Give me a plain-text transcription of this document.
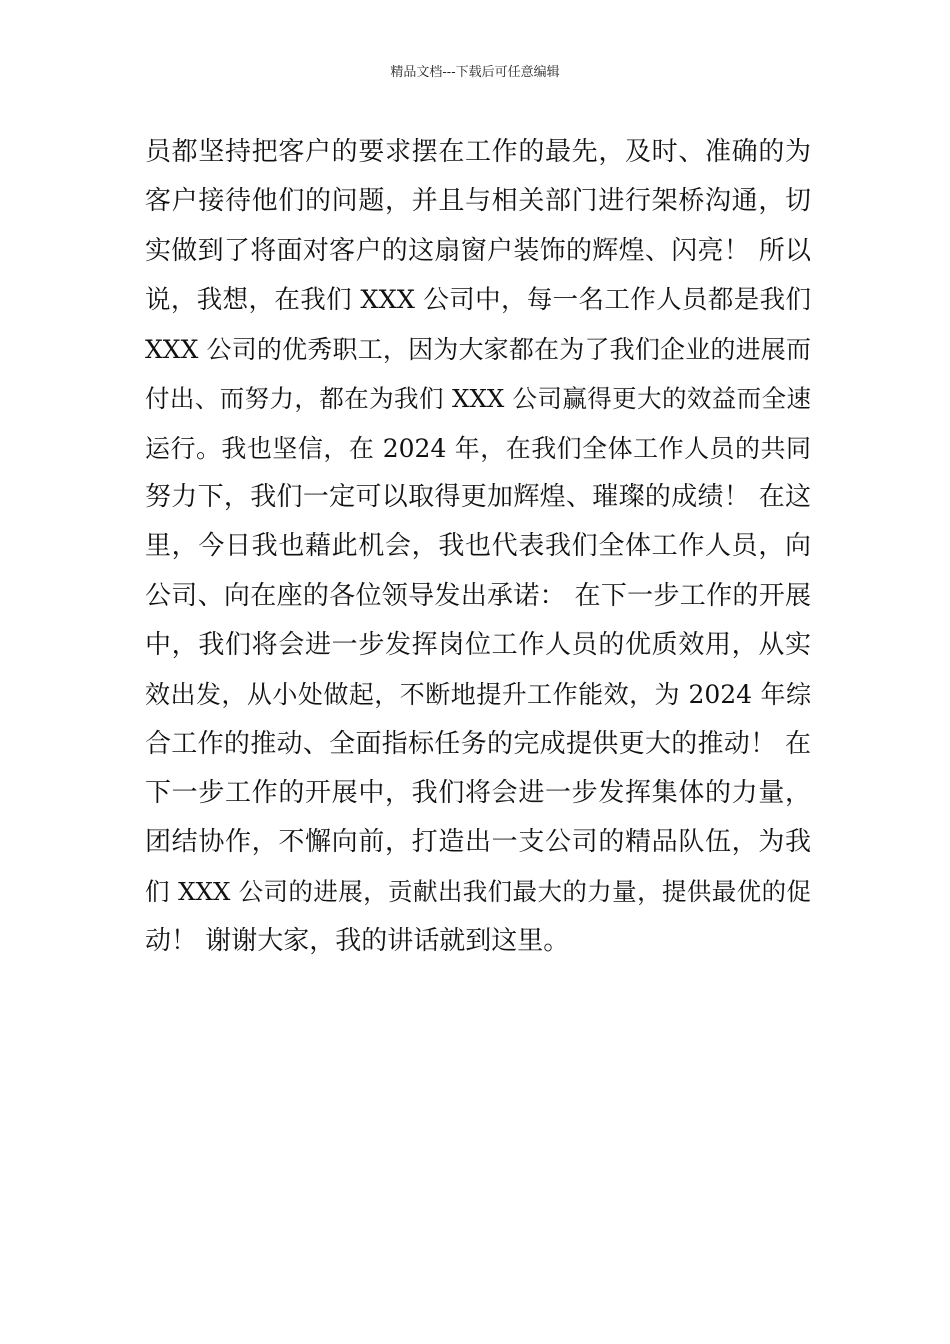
精品文档---下载后可任意编辑
员都坚持把客户的要求摆在工作的最先，及时、准确的为
客户接待他们的问题，并且与相关部门进行架桥沟通，切
实做到了将面对客户的这扇窗户装饰的辉煌、闪亮！ 所以
说，我想，在我们 XXX 公司中，每一名工作人员都是我们
XXX 公司的优秀职工，因为大家都在为了我们企业的进展而
付出、而努力，都在为我们 XXX 公司赢得更大的效益而全速
运行。我也坚信，在 2024 年，在我们全体工作人员的共同
努力下，我们一定可以取得更加辉煌、璀璨的成绩！ 在这
里，今日我也藉此机会，我也代表我们全体工作人员，向
公司、向在座的各位领导发出承诺： 在下一步工作的开展
中，我们将会进一步发挥岗位工作人员的优质效用，从实
效出发，从小处做起，不断地提升工作能效，为 2024 年综
合工作的推动、全面指标任务的完成提供更大的推动！ 在
下一步工作的开展中，我们将会进一步发挥集体的力量，
团结协作，不懈向前，打造出一支公司的精品队伍，为我
们 XXX 公司的进展，贡献出我们最大的力量，提供最优的促
动！ 谢谢大家，我的讲话就到这里。
